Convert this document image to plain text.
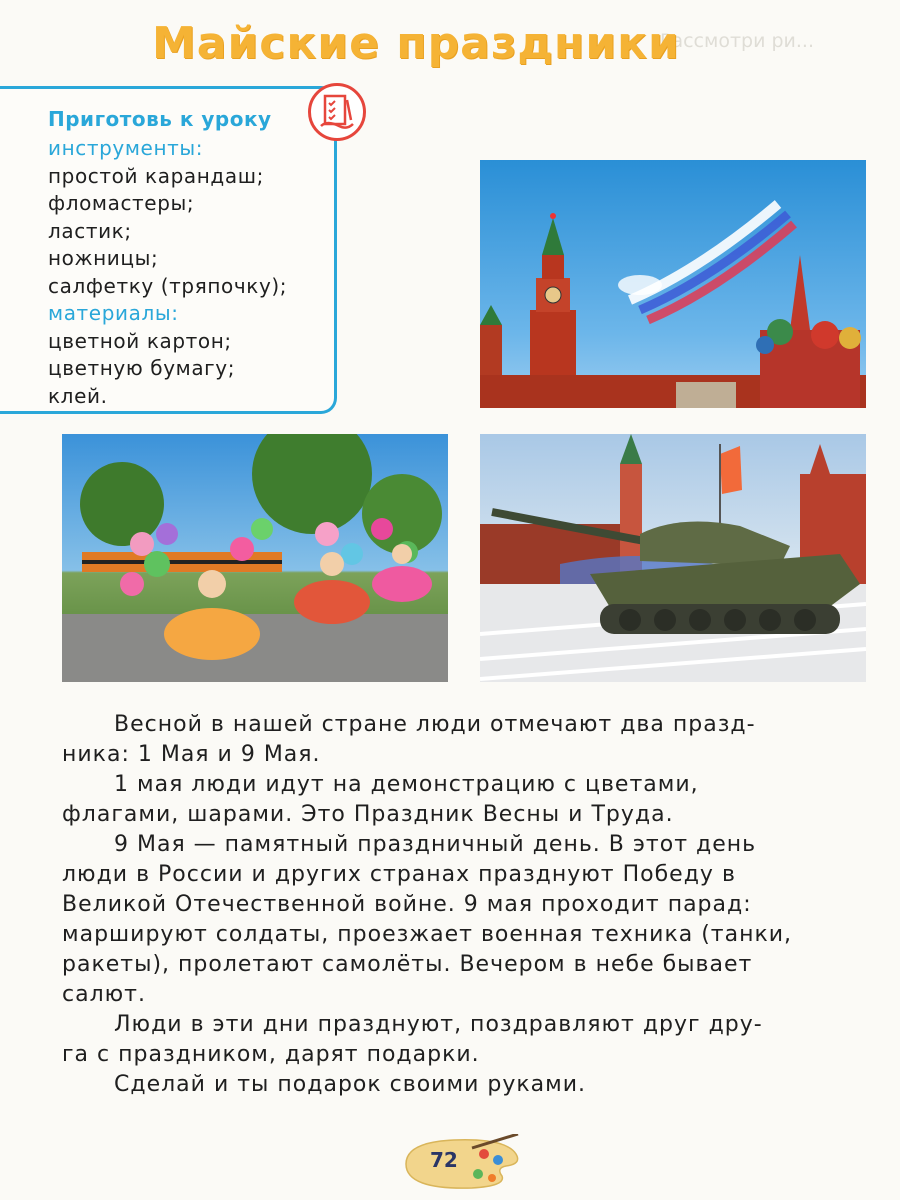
Рассмотри ри...
Майские праздники
Приготовь к уроку
инструменты:
простой карандаш;
фломастеры;
ластик;
ножницы;
салфетку (тряпочку);
материалы:
цветной картон;
цветную бумагу;
клей.

Весной в нашей стране люди отмечают два празд-
ника: 1 Мая и 9 Мая.

1 мая люди идут на демонстрацию с цветами,
флагами, шарами. Это Праздник Весны и Труда.

9 Мая — памятный праздничный день. В этот день
люди в России и других странах празднуют Победу в
Великой Отечественной войне. 9 мая проходит парад:
маршируют солдаты, проезжает военная техника (танки,
ракеты), пролетают самолёты. Вечером в небе бывает
салют.

Люди в эти дни празднуют, поздравляют друг дру-
га с праздником, дарят подарки.

Сделай и ты подарок своими руками.

72
